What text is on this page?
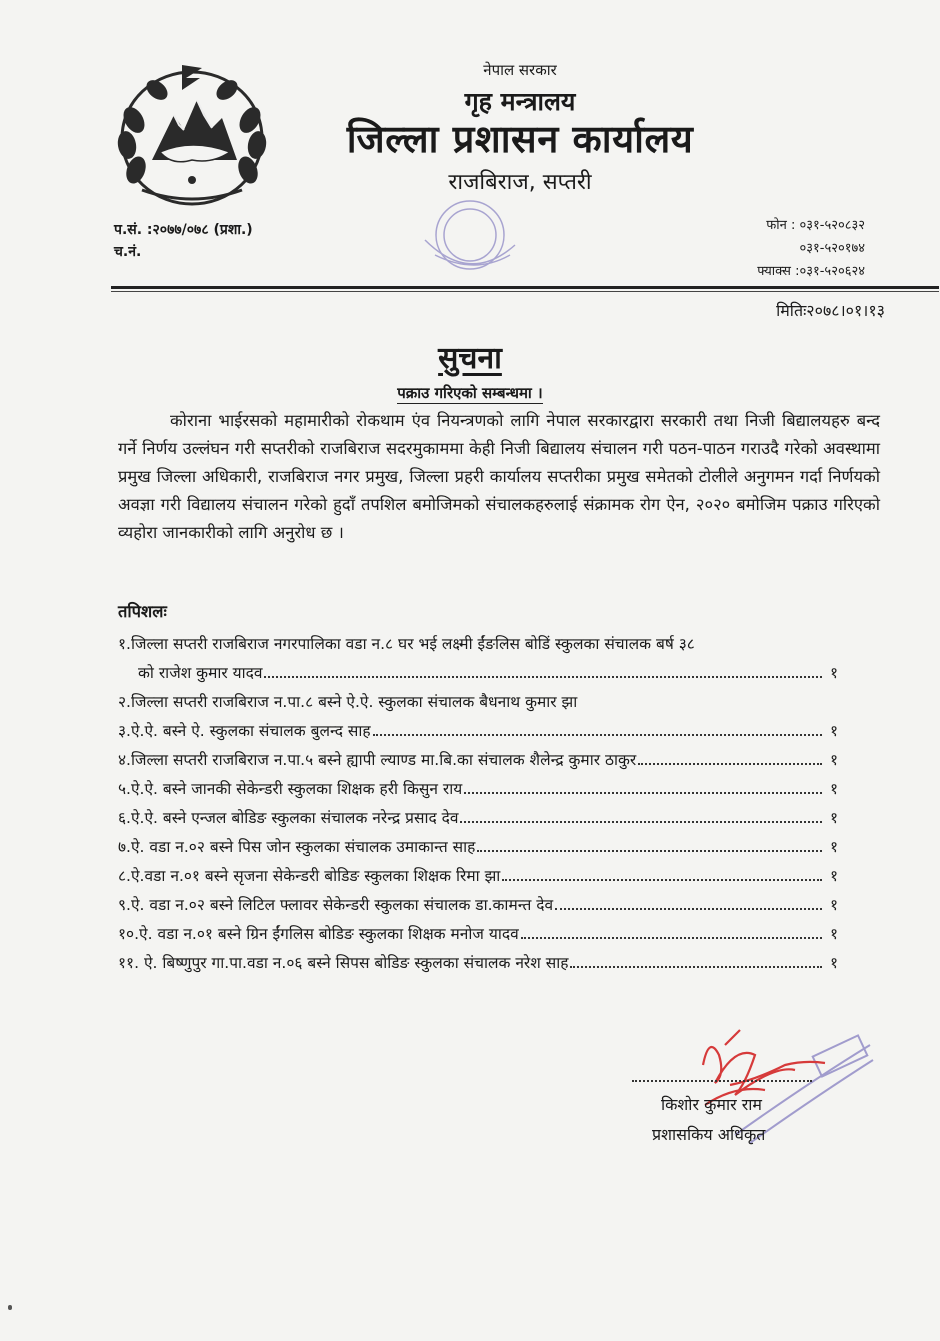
नेपाल सरकार
गृह मन्त्रालय
जिल्ला प्रशासन कार्यालय
राजबिराज, सप्तरी
प.सं. :२०७७/०७८ (प्रशा.)
च.नं.
फोन : ०३१-५२०८३२
०३१-५२०१७४
फ्याक्स :०३१-५२०६२४
मितिः२०७८।०१।१३
सुचना
पक्राउ गरिएको सम्बन्धमा ।

कोराना भाईरसको महामारीको रोकथाम एंव नियन्त्रणको लागि नेपाल सरकारद्वारा सरकारी तथा निजी बिद्यालयहरु बन्द गर्ने निर्णय उल्लंघन गरी सप्तरीको राजबिराज सदरमुकाममा केही निजी बिद्यालय संचालन गरी पठन-पाठन गराउदै गरेको अवस्थामा प्रमुख जिल्ला अधिकारी, राजबिराज नगर प्रमुख, जिल्ला प्रहरी कार्यालय सप्तरीका प्रमुख समेतको टोलीले अनुगमन गर्दा निर्णयको अवज्ञा गरी विद्यालय संचालन गरेको हुदाँ तपशिल बमोजिमको संचालकहरुलाई संक्रामक रोग ऐन, २०२० बमोजिम पक्राउ गरिएको व्यहोरा जानकारीको लागि अनुरोध छ ।

तपिशलः
१.जिल्ला सप्तरी राजबिराज नगरपालिका वडा न.८ घर भई लक्ष्मी ईंङलिस बोडिं स्कुलका संचालक बर्ष ३८
को राजेश कुमार यादव	१
२.जिल्ला सप्तरी राजबिराज न.पा.८ बस्ने ऐ.ऐ. स्कुलका संचालक बैधनाथ कुमार झा
३.ऐ.ऐ. बस्ने ऐ. स्कुलका संचालक बुलन्द साह	१
४.जिल्ला सप्तरी राजबिराज न.पा.५ बस्ने ह्यापी ल्याण्ड मा.बि.का संचालक शैलेन्द्र कुमार ठाकुर	१
५.ऐ.ऐ. बस्ने जानकी सेकेन्डरी स्कुलका शिक्षक हरी किसुन राय	१
६.ऐ.ऐ. बस्ने एन्जल बोडिङ स्कुलका संचालक नरेन्द्र प्रसाद देव	१
७.ऐ. वडा न.०२ बस्ने पिस जोन स्कुलका संचालक उमाकान्त साह	१
८.ऐ.वडा न.०१ बस्ने सृजना सेकेन्डरी बोडिङ स्कुलका शिक्षक रिमा झा	१
९.ऐ. वडा न.०२ बस्ने लिटिल फ्लावर सेकेन्डरी स्कुलका संचालक डा.कामन्त देव	१
१०.ऐ. वडा न.०१ बस्ने ग्रिन ईंगलिस बोडिङ स्कुलका शिक्षक मनोज यादव	१
११. ऐ. बिष्णुपुर गा.पा.वडा न.०६ बस्ने सिपस बोडिङ स्कुलका संचालक नरेश साह	१
किशोर कुमार राम
प्रशासकिय अधिकृत
